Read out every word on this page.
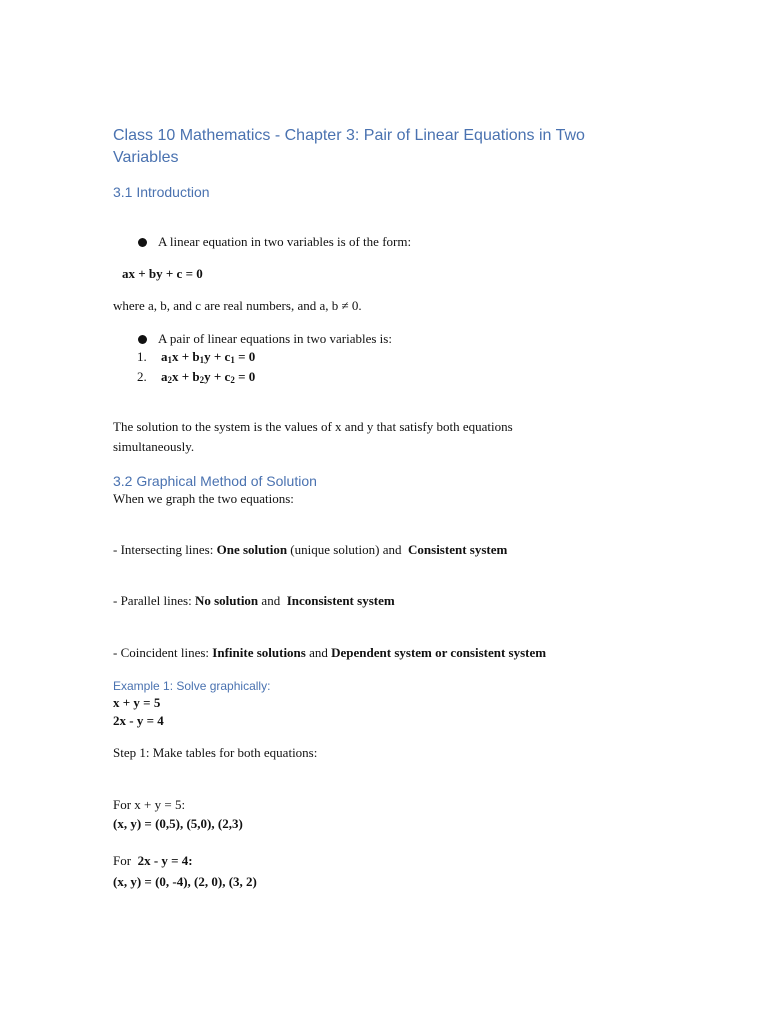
Class 10 Mathematics - Chapter 3: Pair of Linear Equations in Two
Variables
3.1 Introduction
A linear equation in two variables is of the form:
ax + by + c = 0
where a, b, and c are real numbers, and a, b ≠ 0.
A pair of linear equations in two variables is:
1. $a_1x + b_1y + c_1 = 0$
2. $a_2x + b_2y + c_2 = 0$
The solution to the system is the values of x and y that satisfy both equations
simultaneously.
3.2 Graphical Method of Solution
When we graph the two equations:
- Intersecting lines: One solution (unique solution) and  Consistent system
- Parallel lines: No solution and  Inconsistent system
- Coincident lines: Infinite solutions and Dependent system or consistent system
Example 1: Solve graphically:
x + y = 5
2x - y = 4
Step 1: Make tables for both equations:
For x + y = 5:
(x, y) = (0,5), (5,0), (2,3)
For  2x - y = 4:
(x, y) = (0, -4), (2, 0), (3, 2)
